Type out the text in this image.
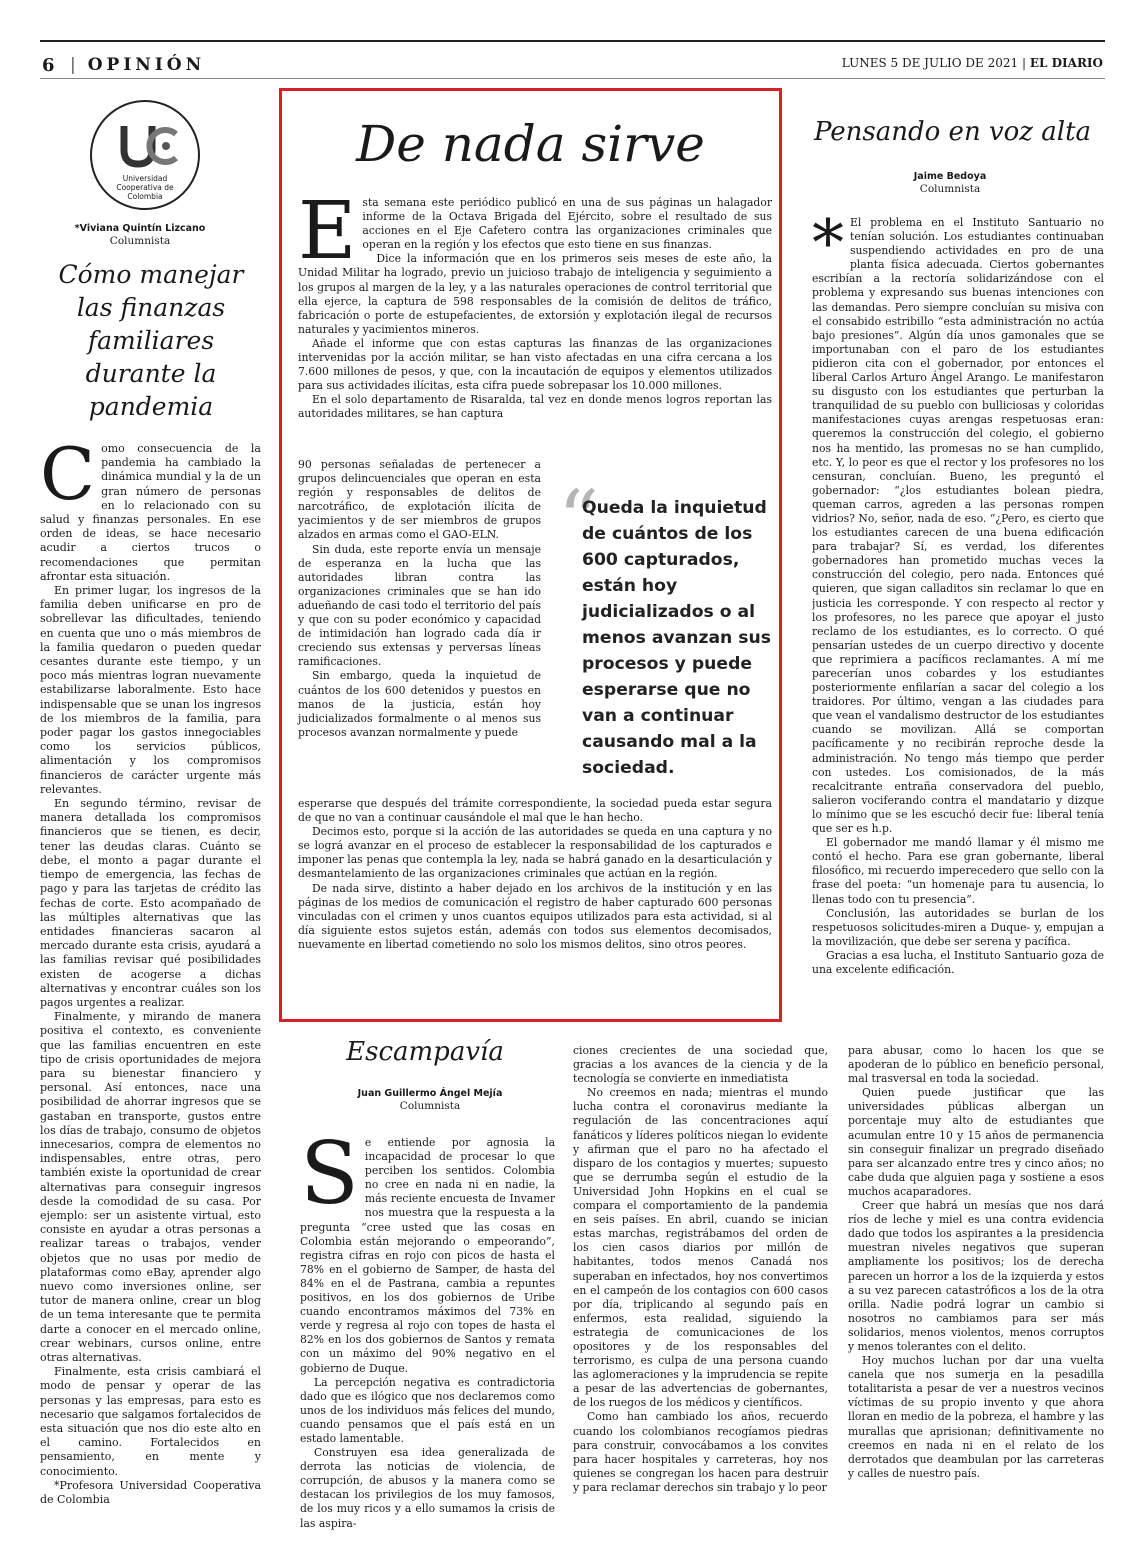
6 | OPINIÓN	LUNES 5 DE JULIO DE 2021 | EL DIARIO
Universidad Cooperativa de Colombia
*Viviana Quintín Lizcano
Columnista
Cómo manejar las finanzas familiares durante la pandemia

Como consecuencia de la pandemia ha cambiado la dinámica mundial y la de un gran número de personas en lo relacionado con su salud y finanzas personales. En ese orden de ideas, se hace necesario acudir a ciertos trucos o recomendaciones que permitan afrontar esta situación.

En primer lugar, los ingresos de la familia deben unificarse en pro de sobrellevar las dificultades, teniendo en cuenta que uno o más miembros de la familia quedaron o pueden quedar cesantes durante este tiempo, y un poco más mientras logran nuevamente estabilizarse laboralmente. Esto hace indispensable que se unan los ingresos de los miembros de la familia, para poder pagar los gastos innegociables como los servicios públicos, alimentación y los compromisos financieros de carácter urgente más relevantes.

En segundo término, revisar de manera detallada los compromisos financieros que se tienen, es decir, tener las deudas claras. Cuánto se debe, el monto a pagar durante el tiempo de emergencia, las fechas de pago y para las tarjetas de crédito las fechas de corte. Esto acompañado de las múltiples alternativas que las entidades financieras sacaron al mercado durante esta crisis, ayudará a las familias revisar qué posibilidades existen de acogerse a dichas alternativas y encontrar cuáles son los pagos urgentes a realizar.

Finalmente, y mirando de manera positiva el contexto, es conveniente que las familias encuentren en este tipo de crisis oportunidades de mejora para su bienestar financiero y personal. Así entonces, nace una posibilidad de ahorrar ingresos que se gastaban en transporte, gustos entre los días de trabajo, consumo de objetos innecesarios, compra de elementos no indispensables, entre otras, pero también existe la oportunidad de crear alternativas para conseguir ingresos desde la comodidad de su casa. Por ejemplo: ser un asistente virtual, esto consiste en ayudar a otras personas a realizar tareas o trabajos, vender objetos que no usas por medio de plataformas como eBay, aprender algo nuevo como inversiones online, ser tutor de manera online, crear un blog de un tema interesante que te permita darte a conocer en el mercado online, crear webinars, cursos online, entre otras alternativas.

Finalmente, esta crisis cambiará el modo de pensar y operar de las personas y las empresas, para esto es necesario que salgamos fortalecidos de esta situación que nos dio este alto en el camino. Fortalecidos en pensamiento, en mente y conocimiento.

*Profesora Universidad Cooperativa de Colombia

De nada sirve

Esta semana este periódico publicó en una de sus páginas un halagador informe de la Octava Brigada del Ejército, sobre el resultado de sus acciones en el Eje Cafetero contra las organizaciones criminales que operan en la región y los efectos que esto tiene en sus finanzas.

Dice la información que en los primeros seis meses de este año, la Unidad Militar ha logrado, previo un juicioso trabajo de inteligencia y seguimiento a los grupos al margen de la ley, y a las naturales operaciones de control territorial que ella ejerce, la captura de 598 responsables de la comisión de delitos de tráfico, fabricación o porte de estupefacientes, de extorsión y explotación ilegal de recursos naturales y yacimientos mineros.

Añade el informe que con estas capturas las finanzas de las organizaciones intervenidas por la acción militar, se han visto afectadas en una cifra cercana a los 7.600 millones de pesos, y que, con la incautación de equipos y elementos utilizados para sus actividades ilícitas, esta cifra puede sobrepasar los 10.000 millones.

En el solo departamento de Risaralda, tal vez en donde menos logros reportan las autoridades militares, se han captura

90 personas señaladas de pertenecer a grupos delincuenciales que operan en esta región y responsables de delitos de narcotráfico, de explotación ilícita de yacimientos y de ser miembros de grupos alzados en armas como el GAO-ELN.

Sin duda, este reporte envía un mensaje de esperanza en la lucha que las autoridades libran contra las organizaciones criminales que se han ido adueñando de casi todo el territorio del país y que con su poder económico y capacidad de intimidación han logrado cada día ir creciendo sus extensas y perversas líneas ramificaciones.

Sin embargo, queda la inquietud de cuántos de los 600 detenidos y puestos en manos de la justicia, están hoy judicializados formalmente o al menos sus procesos avanzan normalmente y puede

“
Queda la inquietud de cuántos de los 600 capturados, están hoy judicializados o al menos avanzan sus procesos y puede esperarse que no van a continuar causando mal a la sociedad.

esperarse que después del trámite correspondiente, la sociedad pueda estar segura de que no van a continuar causándole el mal que le han hecho.

Decimos esto, porque si la acción de las autoridades se queda en una captura y no se lográ avanzar en el proceso de establecer la responsabilidad de los capturados e imponer las penas que contempla la ley, nada se habrá ganado en la desarticulación y desmantelamiento de las organizaciones criminales que actúan en la región.

De nada sirve, distinto a haber dejado en los archivos de la institución y en las páginas de los medios de comunicación el registro de haber capturado 600 personas vinculadas con el crimen y unos cuantos equipos utilizados para esta actividad, si al día siguiente estos sujetos están, además con todos sus elementos decomisados, nuevamente en libertad cometiendo no solo los mismos delitos, sino otros peores.

Pensando en voz alta
Jaime Bedoya
Columnista

* El problema en el Instituto Santuario no tenían solución. Los estudiantes continuaban suspendiendo actividades en pro de una planta física adecuada. Ciertos gobernantes escribían a la rectoría solidarizándose con el problema y expresando sus buenas intenciones con las demandas. Pero siempre concluían su misiva con el consabido estribillo “esta administración no actúa bajo presiones”. Algún día unos gamonales que se importunaban con el paro de los estudiantes pidieron cita con el gobernador, por entonces el liberal Carlos Arturo Ángel Arango. Le manifestaron su disgusto con los estudiantes que perturban la tranquilidad de su pueblo con bulliciosas y coloridas manifestaciones cuyas arengas respetuosas eran: queremos la construcción del colegio, el gobierno nos ha mentido, las promesas no se han cumplido, etc. Y, lo peor es que el rector y los profesores no los censuran, concluían. Bueno, les preguntó el gobernador: “¿los estudiantes bolean piedra, queman carros, agreden a las personas rompen vidrios? No, señor, nada de eso. “¿Pero, es cierto que los estudiantes carecen de una buena edificación para trabajar? Sí, es verdad, los diferentes gobernadores han prometido muchas veces la construcción del colegio, pero nada. Entonces qué quieren, que sigan calladitos sin reclamar lo que en justicia les corresponde. Y con respecto al rector y los profesores, no les parece que apoyar el justo reclamo de los estudiantes, es lo correcto. O qué pensarían ustedes de un cuerpo directivo y docente que reprimiera a pacíficos reclamantes. A mí me parecerían unos cobardes y los estudiantes posteriormente enfilarían a sacar del colegio a los traidores. Por último, vengan a las ciudades para que vean el vandalismo destructor de los estudiantes cuando se movilizan. Allá se comportan pacíficamente y no recibirán reproche desde la administración. No tengo más tiempo que perder con ustedes. Los comisionados, de la más recalcitrante entraña conservadora del pueblo, salieron vociferando contra el mandatario y dizque lo mínimo que se les escuchó decir fue: liberal tenía que ser es h.p.

El gobernador me mandó llamar y él mismo me contó el hecho. Para ese gran gobernante, liberal filosófico, mi recuerdo imperecedero que sello con la frase del poeta: “un homenaje para tu ausencia, lo llenas todo con tu presencia”.

Conclusión, las autoridades se burlan de los respetuosos solicitudes-miren a Duque- y, empujan a la movilización, que debe ser serena y pacífica.

Gracias a esa lucha, el Instituto Santuario goza de una excelente edificación.

Escampavía
Juan Guillermo Ángel Mejía
Columnista

Se entiende por agnosia la incapacidad de procesar lo que perciben los sentidos. Colombia no cree en nada ni en nadie, la más reciente encuesta de Invamer nos muestra que la respuesta a la pregunta “cree usted que las cosas en Colombia están mejorando o empeorando”, registra cifras en rojo con picos de hasta el 78% en el gobierno de Samper, de hasta del 84% en el de Pastrana, cambia a repuntes positivos, en los dos gobiernos de Uribe cuando encontramos máximos del 73% en verde y regresa al rojo con topes de hasta el 82% en los dos gobiernos de Santos y remata con un máximo del 90% negativo en el gobierno de Duque.

La percepción negativa es contradictoria dado que es ilógico que nos declaremos como unos de los individuos más felices del mundo, cuando pensamos que el país está en un estado lamentable.

Construyen esa idea generalizada de derrota las noticias de violencia, de corrupción, de abusos y la manera como se destacan los privilegios de los muy famosos, de los muy ricos y a ello sumamos la crisis de las aspira-

ciones crecientes de una sociedad que, gracias a los avances de la ciencia y de la tecnología se convierte en inmediatista

No creemos en nada; mientras el mundo lucha contra el coronavirus mediante la regulación de las concentraciones aquí fanáticos y líderes políticos niegan lo evidente y afirman que el paro no ha afectado el disparo de los contagios y muertes; supuesto que se derrumba según el estudio de la Universidad John Hopkins en el cual se compara el comportamiento de la pandemia en seis países. En abril, cuando se inician estas marchas, registrábamos del orden de los cien casos diarios por millón de habitantes, todos menos Canadá nos superaban en infectados, hoy nos convertimos en el campeón de los contagios con 600 casos por día, triplicando al segundo país en enfermos, esta realidad, siguiendo la estrategia de comunicaciones de los opositores y de los responsables del terrorismo, es culpa de una persona cuando las aglomeraciones y la imprudencia se repite a pesar de las advertencias de gobernantes, de los ruegos de los médicos y científicos.

Como han cambiado los años, recuerdo cuando los colombianos recogíamos piedras para construir, convocábamos a los convites para hacer hospitales y carreteras, hoy nos quienes se congregan los hacen para destruir y para reclamar derechos sin trabajo y lo peor

para abusar, como lo hacen los que se apoderan de lo público en beneficio personal, mal trasversal en toda la sociedad.

Quien puede justificar que las universidades públicas albergan un porcentaje muy alto de estudiantes que acumulan entre 10 y 15 años de permanencia sin conseguir finalizar un pregrado diseñado para ser alcanzado entre tres y cinco años; no cabe duda que alguien paga y sostiene a esos muchos acaparadores.

Creer que habrá un mesías que nos dará ríos de leche y miel es una contra evidencia dado que todos los aspirantes a la presidencia muestran niveles negativos que superan ampliamente los positivos; los de derecha parecen un horror a los de la izquierda y estos a su vez parecen catastróficos a los de la otra orilla. Nadie podrá lograr un cambio si nosotros no cambiamos para ser más solidarios, menos violentos, menos corruptos y menos tolerantes con el delito.

Hoy muchos luchan por dar una vuelta canela que nos sumerja en la pesadilla totalitarista a pesar de ver a nuestros vecinos víctimas de su propio invento y que ahora lloran en medio de la pobreza, el hambre y las murallas que aprisionan; definitivamente no creemos en nada ni en el relato de los derrotados que deambulan por las carreteras y calles de nuestro país.
